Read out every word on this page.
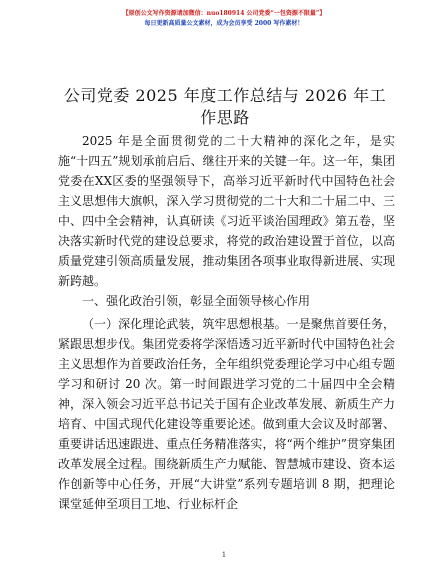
【原创公文写作资源请加微信：nuo180914 公司党委“一包资源不限量”】
每日更新高质量公文素材，成为会员享受 2000 写作素材！
公司党委 2025 年度工作总结与 2026 年工作思路

2025 年是全面贯彻党的二十大精神的深化之年，是实施“十四五”规划承前启后、继往开来的关键一年。这一年，集团党委在XX区委的坚强领导下，高举习近平新时代中国特色社会主义思想伟大旗帜，深入学习贯彻党的二十大和二十届二中、三中、四中全会精神，认真研读《习近平谈治国理政》第五卷，坚决落实新时代党的建设总要求，将党的政治建设置于首位，以高质量党建引领高质量发展，推动集团各项事业取得新进展、实现新跨越。

一、强化政治引领，彰显全面领导核心作用

（一）深化理论武装，筑牢思想根基。一是聚焦首要任务，紧跟思想步伐。集团党委将学深悟透习近平新时代中国特色社会主义思想作为首要政治任务，全年组织党委理论学习中心组专题学习和研讨 20 次。第一时间跟进学习党的二十届四中全会精神，深入领会习近平总书记关于国有企业改革发展、新质生产力培育、中国式现代化建设等重要论述。做到重大会议及时部署、重要讲话迅速跟进、重点任务精准落实，将“两个维护”贯穿集团改革发展全过程。围绕新质生产力赋能、智慧城市建设、资本运作创新等中心任务，开展“大讲堂”系列专题培训 8 期，把理论课堂延伸至项目工地、行业标杆企

1
